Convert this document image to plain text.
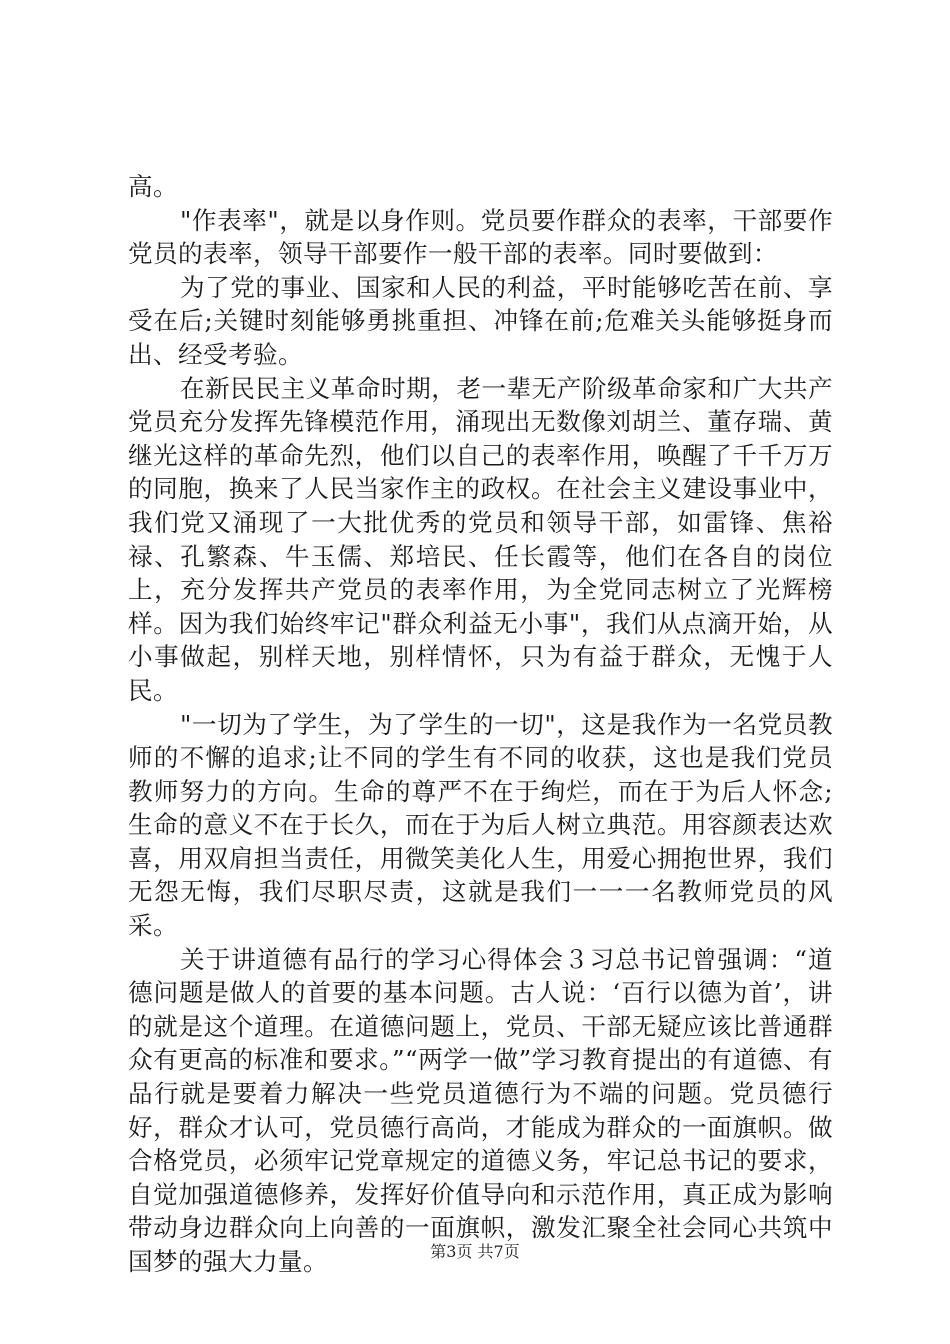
高。

"作表率"，就是以身作则。党员要作群众的表率，干部要作党员的表率，领导干部要作一般干部的表率。同时要做到：

为了党的事业、国家和人民的利益，平时能够吃苦在前、享受在后;关键时刻能够勇挑重担、冲锋在前;危难关头能够挺身而出、经受考验。

在新民民主义革命时期，老一辈无产阶级革命家和广大共产党员充分发挥先锋模范作用，涌现出无数像刘胡兰、董存瑞、黄继光这样的革命先烈，他们以自己的表率作用，唤醒了千千万万的同胞，换来了人民当家作主的政权。在社会主义建设事业中，我们党又涌现了一大批优秀的党员和领导干部，如雷锋、焦裕禄、孔繁森、牛玉儒、郑培民、任长霞等，他们在各自的岗位上，充分发挥共产党员的表率作用，为全党同志树立了光辉榜样。因为我们始终牢记"群众利益无小事"，我们从点滴开始，从小事做起，别样天地，别样情怀，只为有益于群众，无愧于人民。

"一切为了学生，为了学生的一切"，这是我作为一名党员教师的不懈的追求;让不同的学生有不同的收获，这也是我们党员教师努力的方向。生命的尊严不在于绚烂，而在于为后人怀念;生命的意义不在于长久，而在于为后人树立典范。用容颜表达欢喜，用双肩担当责任，用微笑美化人生，用爱心拥抱世界，我们无怨无悔，我们尽职尽责，这就是我们一一一名教师党员的风采。

关于讲道德有品行的学习心得体会３习总书记曾强调：“道德问题是做人的首要的基本问题。古人说：‘百行以德为首’，讲的就是这个道理。在道德问题上，党员、干部无疑应该比普通群众有更高的标准和要求。”“两学一做”学习教育提出的有道德、有品行就是要着力解决一些党员道德行为不端的问题。党员德行好，群众才认可，党员德行高尚，才能成为群众的一面旗帜。做合格党员，必须牢记党章规定的道德义务，牢记总书记的要求，自觉加强道德修养，发挥好价值导向和示范作用，真正成为影响带动身边群众向上向善的一面旗帜，激发汇聚全社会同心共筑中国梦的强大力量。	第3页 共7页
